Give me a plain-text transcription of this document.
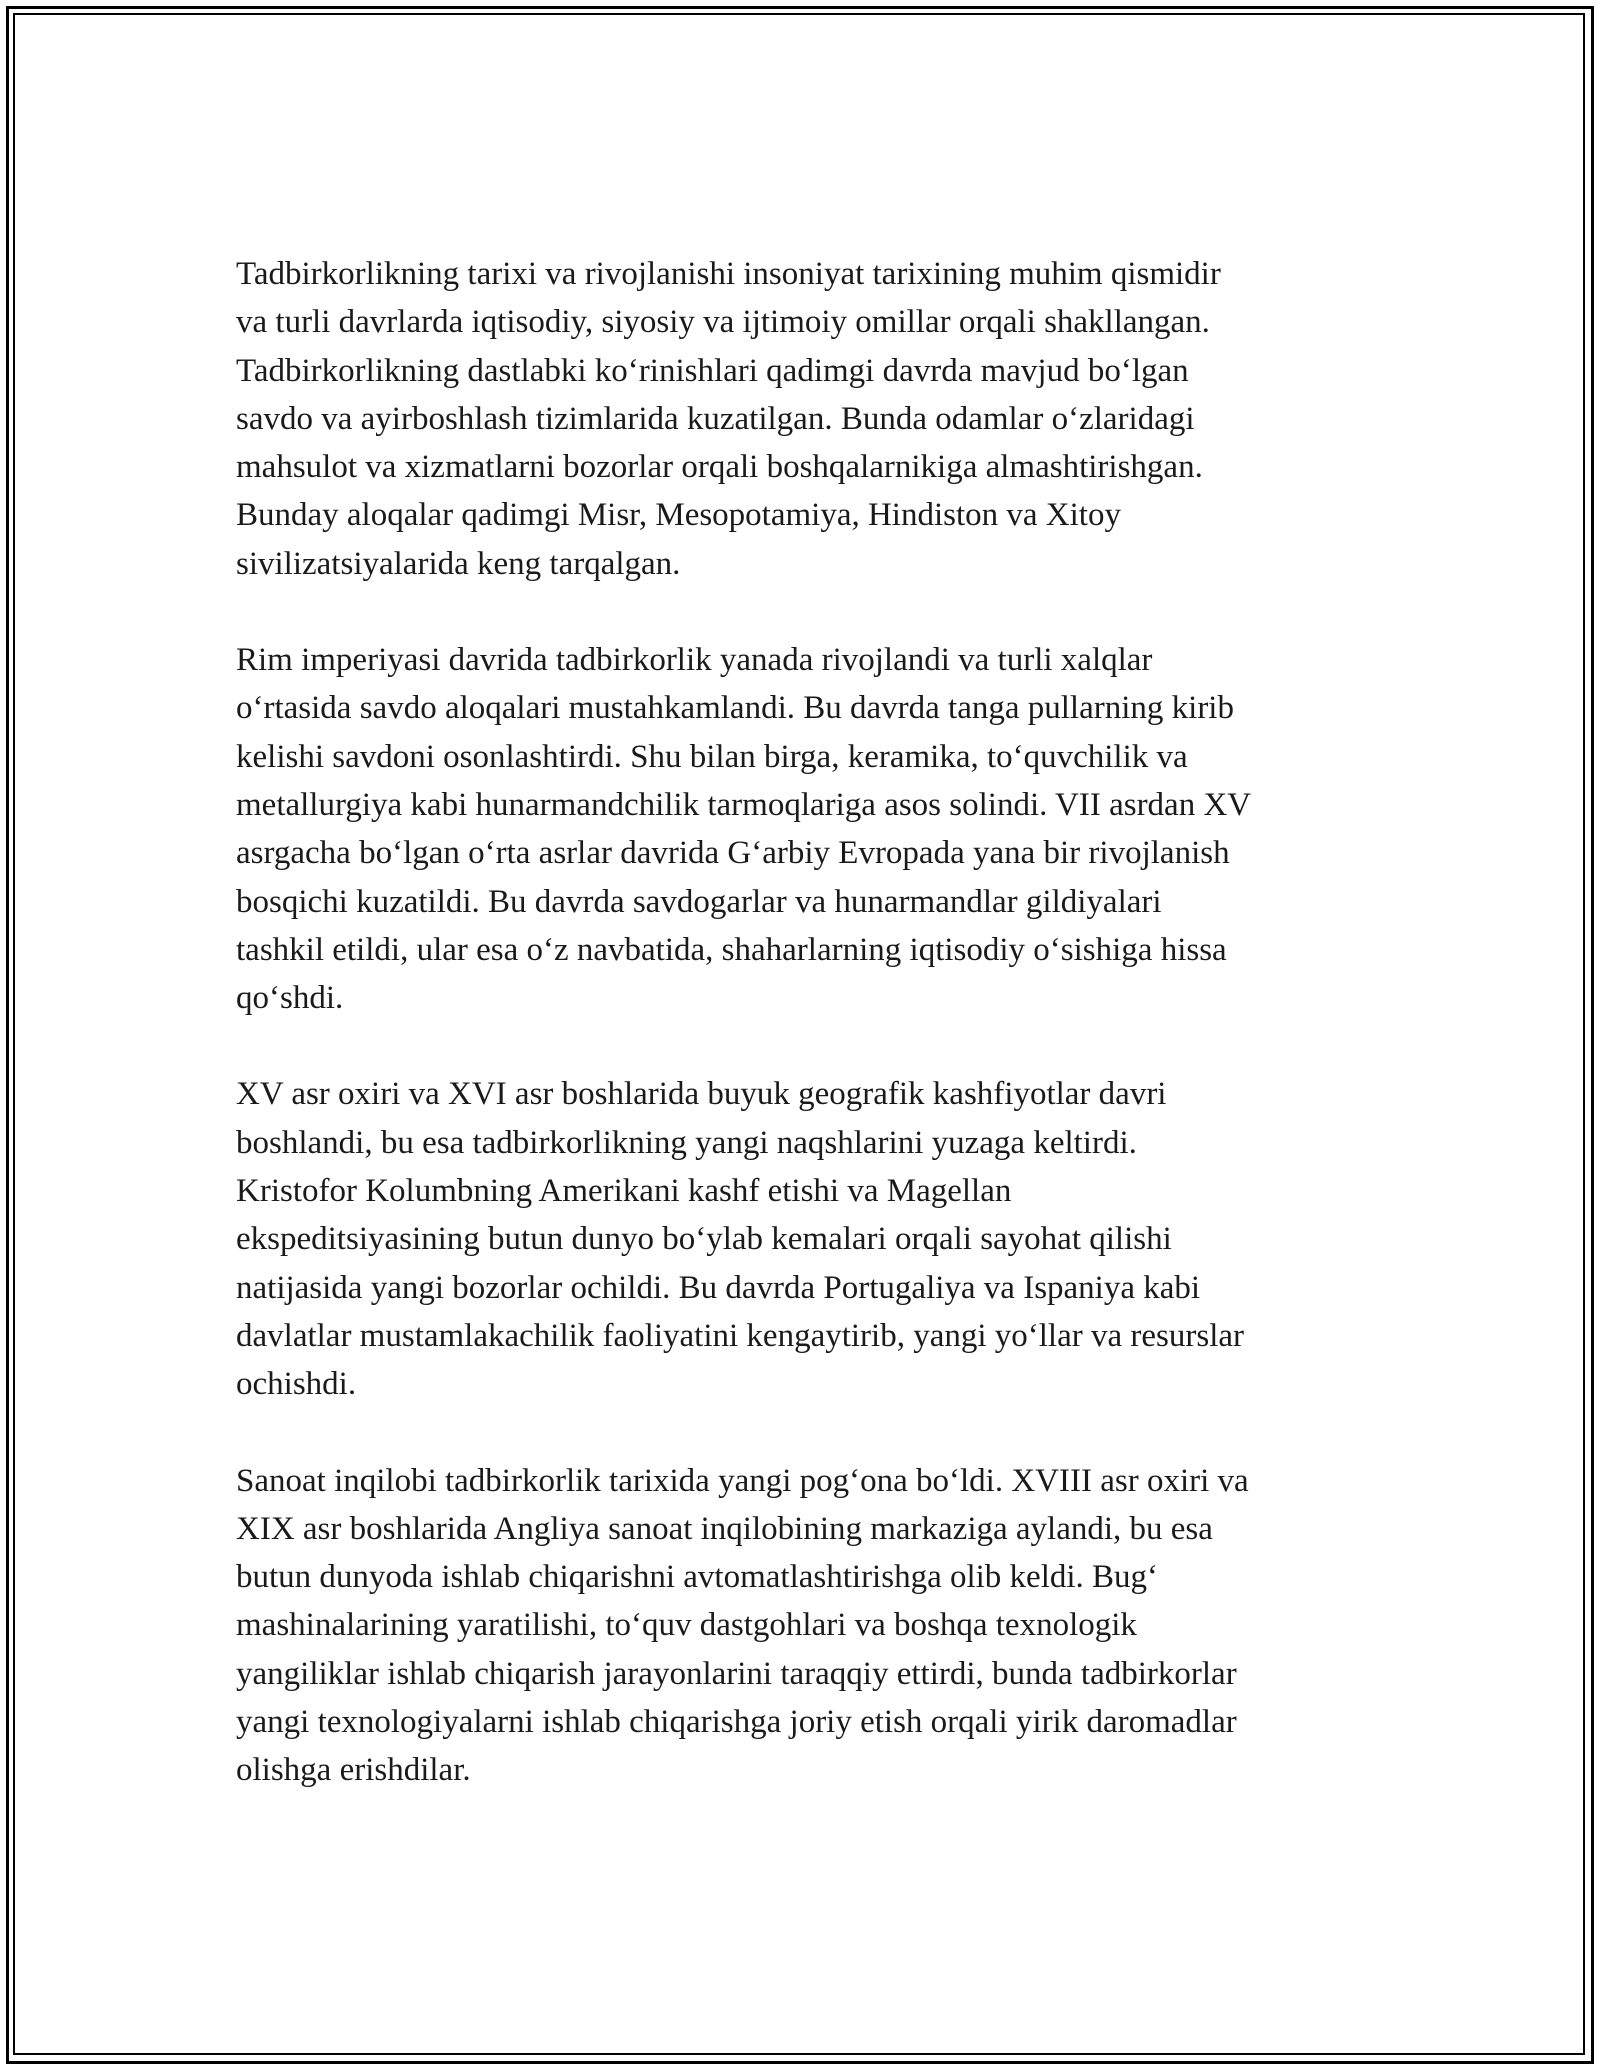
Tadbirkorlikning tarixi va rivojlanishi insoniyat tarixining muhim qismidir
va turli davrlarda iqtisodiy, siyosiy va ijtimoiy omillar orqali shakllangan.
Tadbirkorlikning dastlabki koʻrinishlari qadimgi davrda mavjud boʻlgan
savdo va ayirboshlash tizimlarida kuzatilgan. Bunda odamlar oʻzlaridagi
mahsulot va xizmatlarni bozorlar orqali boshqalarnikiga almashtirishgan.
Bunday aloqalar qadimgi Misr, Mesopotamiya, Hindiston va Xitoy
sivilizatsiyalarida keng tarqalgan.

Rim imperiyasi davrida tadbirkorlik yanada rivojlandi va turli xalqlar
oʻrtasida savdo aloqalari mustahkamlandi. Bu davrda tanga pullarning kirib
kelishi savdoni osonlashtirdi. Shu bilan birga, keramika, toʻquvchilik va
metallurgiya kabi hunarmandchilik tarmoqlariga asos solindi. VII asrdan XV
asrgacha boʻlgan oʻrta asrlar davrida Gʻarbiy Evropada yana bir rivojlanish
bosqichi kuzatildi. Bu davrda savdogarlar va hunarmandlar gildiyalari
tashkil etildi, ular esa oʻz navbatida, shaharlarning iqtisodiy oʻsishiga hissa
qoʻshdi.

XV asr oxiri va XVI asr boshlarida buyuk geografik kashfiyotlar davri
boshlandi, bu esa tadbirkorlikning yangi naqshlarini yuzaga keltirdi.
Kristofor Kolumbning Amerikani kashf etishi va Magellan
ekspeditsiyasining butun dunyo boʻylab kemalari orqali sayohat qilishi
natijasida yangi bozorlar ochildi. Bu davrda Portugaliya va Ispaniya kabi
davlatlar mustamlakachilik faoliyatini kengaytirib, yangi yoʻllar va resurslar
ochishdi.

Sanoat inqilobi tadbirkorlik tarixida yangi pogʻona boʻldi. XVIII asr oxiri va
XIX asr boshlarida Angliya sanoat inqilobining markaziga aylandi, bu esa
butun dunyoda ishlab chiqarishni avtomatlashtirishga olib keldi. Bugʻ
mashinalarining yaratilishi, toʻquv dastgohlari va boshqa texnologik
yangiliklar ishlab chiqarish jarayonlarini taraqqiy ettirdi, bunda tadbirkorlar
yangi texnologiyalarni ishlab chiqarishga joriy etish orqali yirik daromadlar
olishga erishdilar.
